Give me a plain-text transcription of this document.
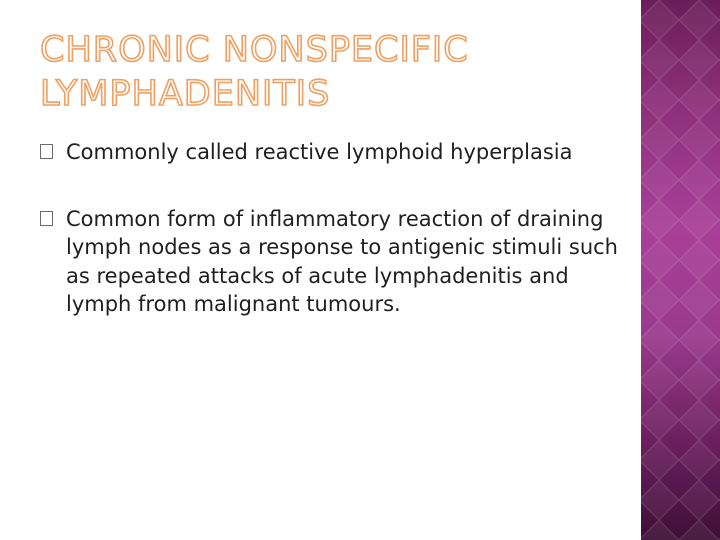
CHRONIC NONSPECIFIC LYMPHADENITIS
Commonly called reactive lymphoid hyperplasia
Common form of inflammatory reaction of draining lymph nodes as a response to antigenic stimuli such as repeated attacks of acute lymphadenitis and lymph from malignant tumours.
